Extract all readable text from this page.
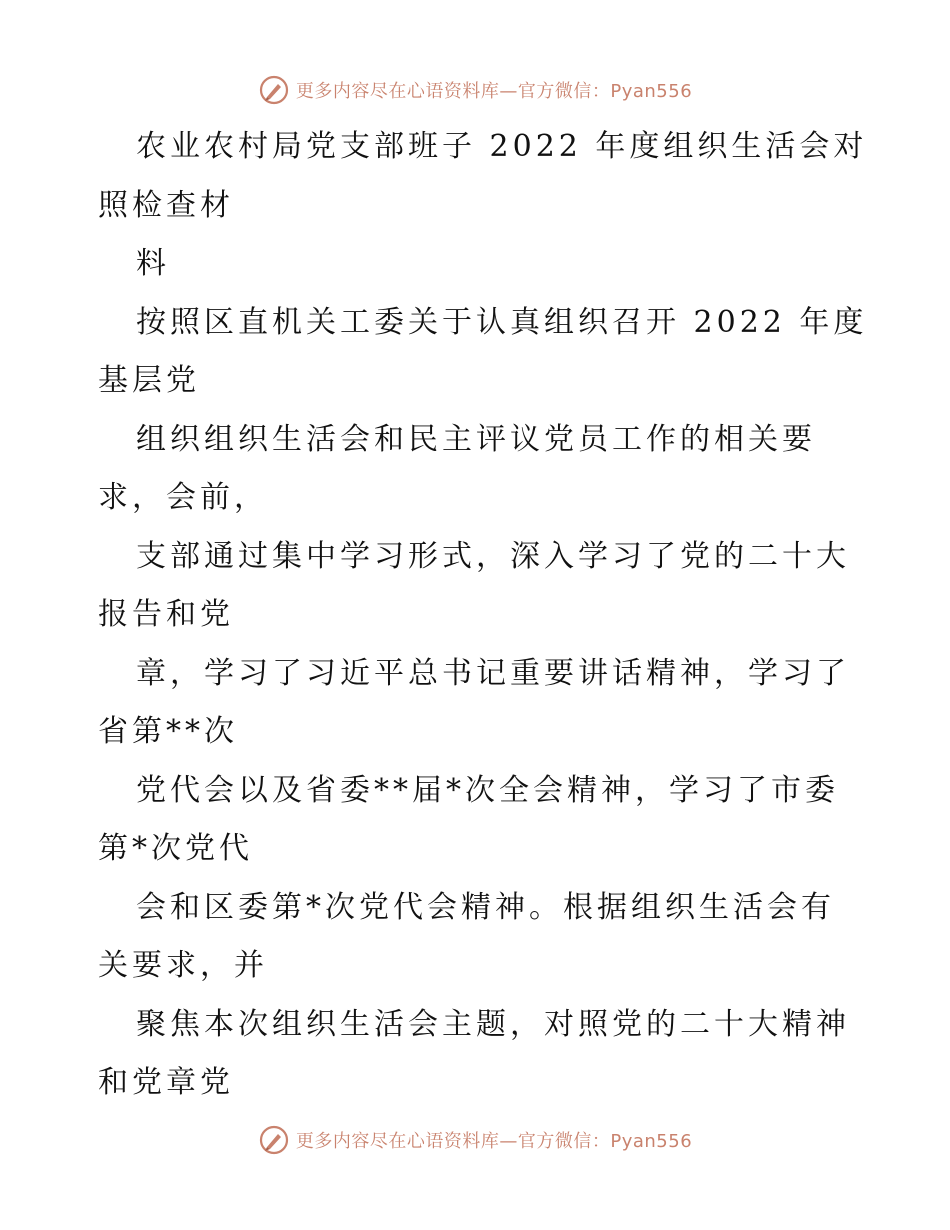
更多内容尽在心语资料库—官方微信：Pyan556
农业农村局党支部班子 2022 年度组织生活会对
照检查材
料
按照区直机关工委关于认真组织召开 2022 年度
基层党
组织组织生活会和民主评议党员工作的相关要
求，会前，
支部通过集中学习形式，深入学习了党的二十大
报告和党
章，学习了习近平总书记重要讲话精神，学习了
省第**次
党代会以及省委**届*次全会精神，学习了市委
第*次党代
会和区委第*次党代会精神。根据组织生活会有
关要求，并
聚焦本次组织生活会主题，对照党的二十大精神
和党章党
更多内容尽在心语资料库—官方微信：Pyan556
